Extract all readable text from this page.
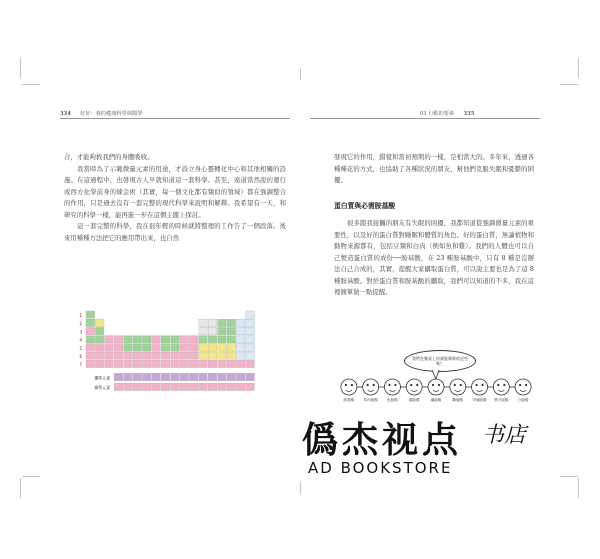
334 好好：我的健康科學與醫學

合，才能夠救我們的身體吸收。

我當時為了示範微量元素的用途，才設立身心靈轉化中心和其他相關的設施。在這過程中，也發現古人早就知道這一套科學。甚至，遠道當然說的運行或西方化學前身的煉金術（其實，每一個文化都有類似的領域）都在強調整合的作用，只是過去沒有一套完整的現代科學來說明和解釋。我希望有一天，和研究的科學一樣，能再進一步在這個主題上探討。

這一套完整的科學，我在很年輕的時候就將整理的工作告了一個段落。後來用種種方法把它的應用帶出來，也自然

1
2
3
4
5
6
7
鑭系元素
錒系元素
03 行動的要素 335

發現它的作用，錯覺和當初預期的一樣，是相當大的。多年來，透過各種種花的方式，也協助了各種狀況的朋友，幫他們克服失眠和憂鬱的困擾。

蛋白質與必需胺基酸

很多跟我接觸的朋友有失眠的困擾，我都知道從強調微量元素的重要性，以及好的蛋白質對睡眠和體質的角色。好的蛋白質，無論植物和動物來源都有，包括豆類和白肉（例如魚和雞）。我們的人體也可以自己製造蛋白質的成份──胺基酸，在 23 種胺基酸中，只有 8 種是沒辦法自己合成的，其實，提醒大家攝取蛋白質，可以說主要也是為了這 8 種胺基酸。對於蛋白質和胺基酸的攝取，我們可以知道的不多，我在這裡簡單做一點提醒。

我們在餐桌上你就能夠吸收這些嗎？
胺基酸	苯丙胺酸	色胺酸	蘇胺酸	纈胺酸	離胺酸	甲硫胺酸 異白胺酸	白胺酸
僞杰视点 书店
AD BOOKSTORE
